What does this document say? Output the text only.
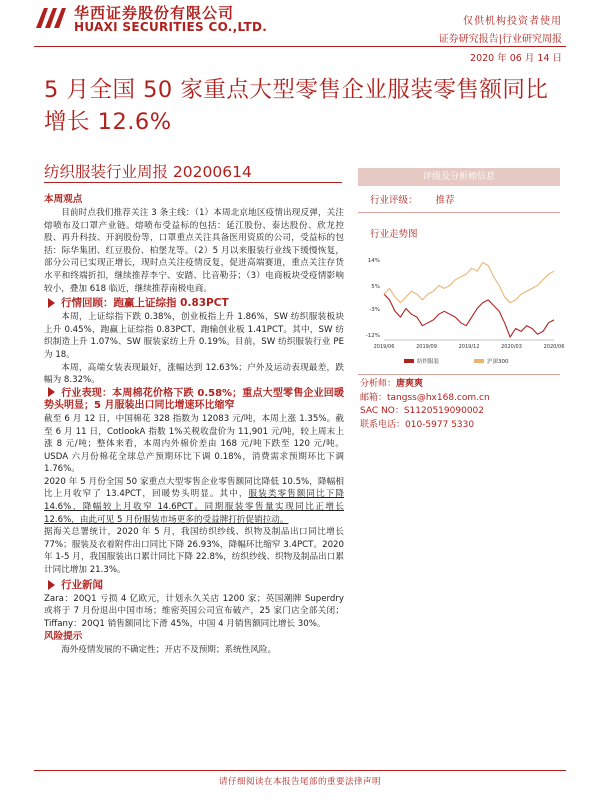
华西证券股份有限公司
HUAXI SECURITIES CO.,LTD.	仅供机构投资者使用
证券研究报告|行业研究周报
2020 年 06 月 14 日
5 月全国 50 家重点大型零售企业服装零售额同比增长 12.6%
纺织服装行业周报 20200614
本周观点

目前时点我们推荐关注 3 条主线：（1）本周北京地区疫情出现反弹，关注熔喷布及口罩产业链。熔喷布受益标的包括：延江股份、泰达股份、欣龙控股、再升科技、开润股份等，口罩重点关注具备医用资质的公司，受益标的包括：际华集团、红豆股份、柏堡龙等。（2）5 月以来服装行业线下缓慢恢复，部分公司已实现正增长，现时点关注疫情反复，促进高端赛道，重点关注存货水平和终端折扣，继续推荐李宁、安踏、比音勒芬；（3）电商板块受疫情影响较小，叠加 618 临近，继续推荐南极电商。

行情回顾：跑赢上证综指 0.83PCT

本周，上证综指下跌 0.38%，创业板指上升 1.86%，SW 纺织服装板块上升 0.45%，跑赢上证综指 0.83PCT、跑输创业板 1.41PCT。其中，SW 纺织制造上升 1.07%、SW 服装家纺上升 0.19%。目前，SW 纺织服装行业 PE 为 18。

本周，高端女装表现最好，涨幅达到 12.63%；户外及运动表现最差，跌幅为 8.32%。

行业表现：本周棉花价格下跌 0.58%；重点大型零售企业回暖势头明显；5 月服装出口同比增速环比缩窄

截至 6 月 12 日，中国棉花 328 指数为 12083 元/吨，本周上涨 1.35%。截至 6 月 11 日，CotlookA 指数 1%关税收盘价为 11,901 元/吨，较上周末上涨 8 元/吨；整体来看，本周内外棉价差由 168 元/吨下跌至 120 元/吨。USDA 六月份棉花全球总产预期环比下调 0.18%，消费需求预期环比下调 1.76%。

2020 年 5 月份全国 50 家重点大型零售企业零售额同比降低 10.5%，降幅相比上月收窄了 13.4PCT，回暖势头明显。其中，服装类零售额同比下降 14.6%，降幅较上月收窄 14.6PCT。同期服装零售量实现同比正增长 12.6%，由此可见 5 月份服装市场更多的受益牌打折促销拉动。

据海关总署统计，2020 年 5 月，我国纺织纱线、织物及制品出口同比增长 77%；服装及衣着附件出口同比下降 26.93%，降幅环比缩窄 3.4PCT。2020 年 1-5 月，我国服装出口累计同比下降 22.8%，纺织纱线、织物及制品出口累计同比增加 21.3%。

行业新闻

Zara：20Q1 亏损 4 亿欧元，计划永久关店 1200 家；英国潮牌 Superdry 或将于 7 月份退出中国市场；维密英国公司宣布破产，25 家门店全部关闭；Tiffany：20Q1 销售额同比下滑 45%，中国 4 月销售额同比增长 30%。

风险提示

海外疫情发展的不确定性；开店不及预期；系统性风险。

评级及分析师信息
行业评级： 推荐
行业走势图
14%
5%
-3%
-12%
2019/06	2019/09	2019/12	2020/03	2020/06
纺织服装	沪深300
分析师：唐爽爽
邮箱：tangss@hx168.com.cn
SAC NO：S1120519090002
联系电话：010-5977 5330
请仔细阅读在本报告尾部的重要法律声明
